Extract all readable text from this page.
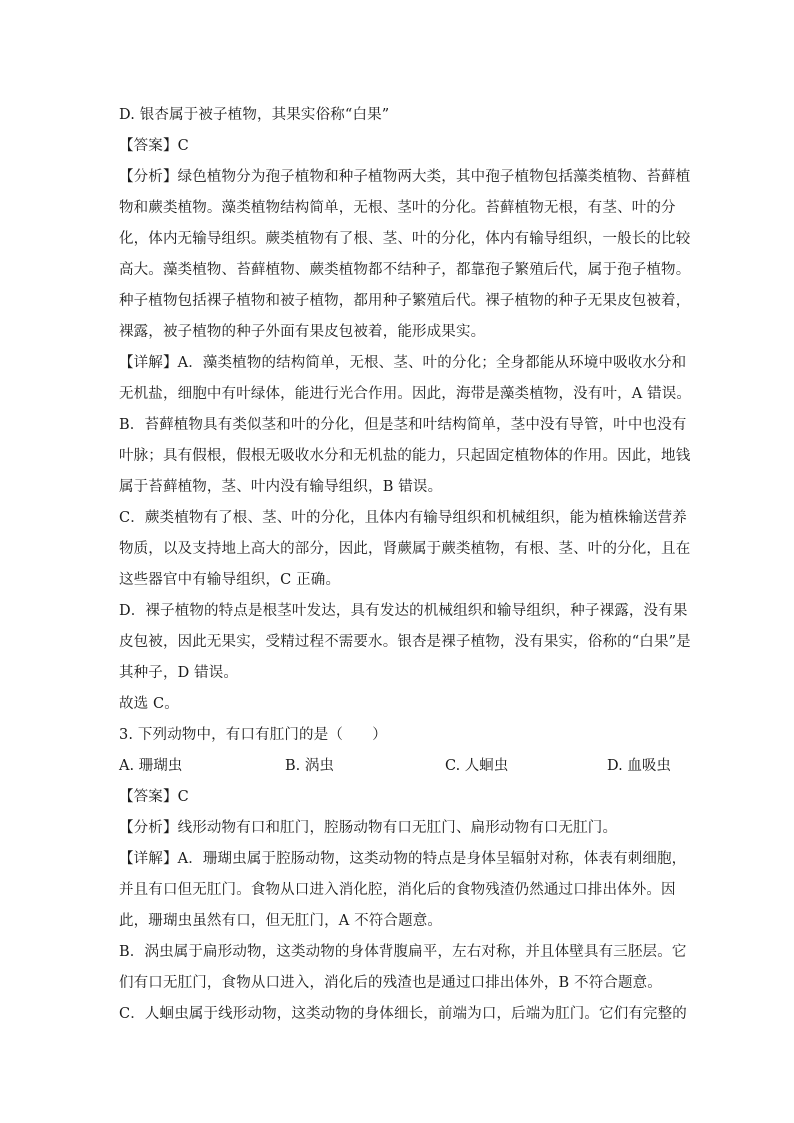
D. 银杏属于被子植物，其果实俗称“白果”
【答案】C
【分析】绿色植物分为孢子植物和种子植物两大类，其中孢子植物包括藻类植物、苔藓植
物和蕨类植物。藻类植物结构简单，无根、茎叶的分化。苔藓植物无根，有茎、叶的分
化，体内无输导组织。蕨类植物有了根、茎、叶的分化，体内有输导组织，一般长的比较
高大。藻类植物、苔藓植物、蕨类植物都不结种子，都靠孢子繁殖后代，属于孢子植物。
种子植物包括裸子植物和被子植物，都用种子繁殖后代。裸子植物的种子无果皮包被着，
裸露，被子植物的种子外面有果皮包被着，能形成果实。
【详解】A．藻类植物的结构简单，无根、茎、叶的分化；全身都能从环境中吸收水分和
无机盐，细胞中有叶绿体，能进行光合作用。因此，海带是藻类植物，没有叶，A 错误。
B．苔藓植物具有类似茎和叶的分化，但是茎和叶结构简单，茎中没有导管，叶中也没有
叶脉；具有假根，假根无吸收水分和无机盐的能力，只起固定植物体的作用。因此，地钱
属于苔藓植物，茎、叶内没有输导组织，B 错误。
C．蕨类植物有了根、茎、叶的分化，且体内有输导组织和机械组织，能为植株输送营养
物质，以及支持地上高大的部分，因此，肾蕨属于蕨类植物，有根、茎、叶的分化，且在
这些器官中有输导组织，C 正确。
D．裸子植物的特点是根茎叶发达，具有发达的机械组织和输导组织，种子裸露，没有果
皮包被，因此无果实，受精过程不需要水。银杏是裸子植物，没有果实，俗称的“白果”是
其种子，D 错误。
故选 C。
3. 下列动物中，有口有肛门的是（　　）
A. 珊瑚虫	B. 涡虫	C. 人蛔虫	D. 血吸虫
【答案】C
【分析】线形动物有口和肛门，腔肠动物有口无肛门、扁形动物有口无肛门。
【详解】A．珊瑚虫属于腔肠动物，这类动物的特点是身体呈辐射对称，体表有刺细胞，
并且有口但无肛门。食物从口进入消化腔，消化后的食物残渣仍然通过口排出体外。因
此，珊瑚虫虽然有口，但无肛门，A 不符合题意。
B．涡虫属于扁形动物，这类动物的身体背腹扁平，左右对称，并且体壁具有三胚层。它
们有口无肛门，食物从口进入，消化后的残渣也是通过口排出体外，B 不符合题意。
C．人蛔虫属于线形动物，这类动物的身体细长，前端为口，后端为肛门。它们有完整的
